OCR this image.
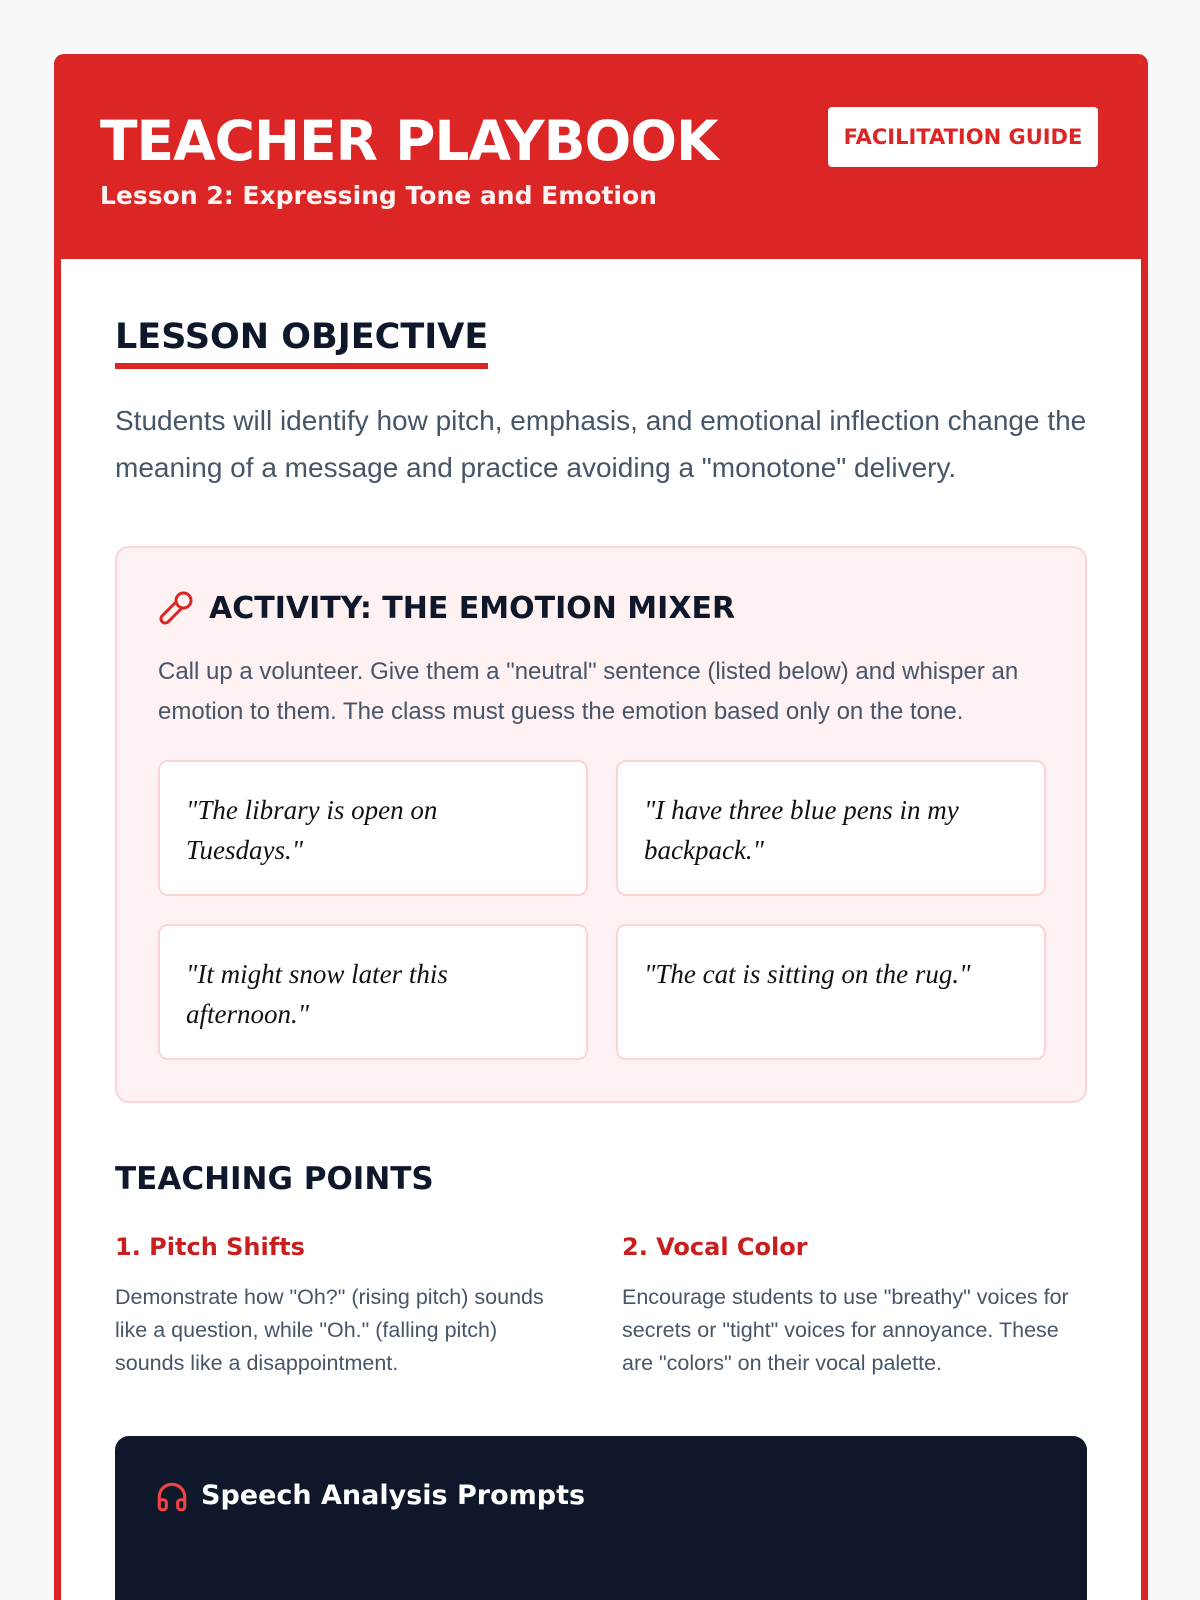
TEACHER PLAYBOOK
Lesson 2: Expressing Tone and Emotion
FACILITATION GUIDE
LESSON OBJECTIVE

Students will identify how pitch, emphasis, and emotional inflection change the meaning of a message and practice avoiding a "monotone" delivery.

ACTIVITY: THE EMOTION MIXER

Call up a volunteer. Give them a "neutral" sentence (listed below) and whisper an emotion to them. The class must guess the emotion based only on the tone.

"The library is open on Tuesdays."
"I have three blue pens in my backpack."
"It might snow later this afternoon."
"The cat is sitting on the rug."
TEACHING POINTS
1. Pitch Shifts

Demonstrate how "Oh?" (rising pitch) sounds like a question, while "Oh." (falling pitch) sounds like a disappointment.

2. Vocal Color

Encourage students to use "breathy" voices for secrets or "tight" voices for annoyance. These are "colors" on their vocal palette.

Speech Analysis Prompts
